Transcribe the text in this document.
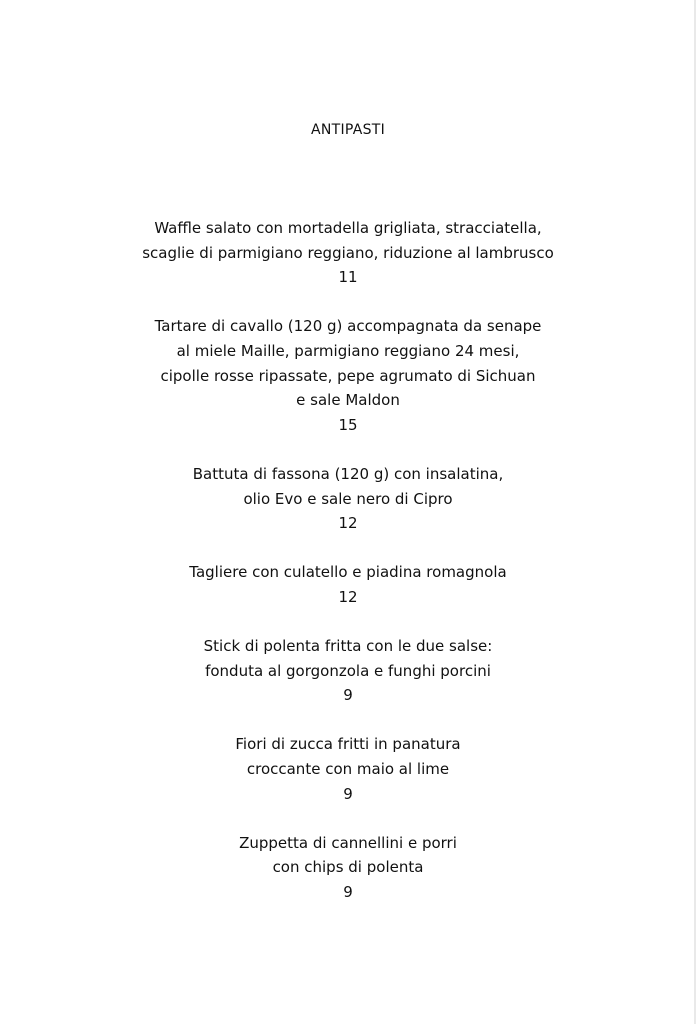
ANTIPASTI
Waffle salato con mortadella grigliata, stracciatella,
scaglie di parmigiano reggiano, riduzione al lambrusco
11
Tartare di cavallo (120 g) accompagnata da senape
al miele Maille, parmigiano reggiano 24 mesi,
cipolle rosse ripassate, pepe agrumato di Sichuan
e sale Maldon
15
Battuta di fassona (120 g) con insalatina,
olio Evo e sale nero di Cipro
12
Tagliere con culatello e piadina romagnola
12
Stick di polenta fritta con le due salse:
fonduta al gorgonzola e funghi porcini
9
Fiori di zucca fritti in panatura
croccante con maio al lime
9
Zuppetta di cannellini e porri
con chips di polenta
9
